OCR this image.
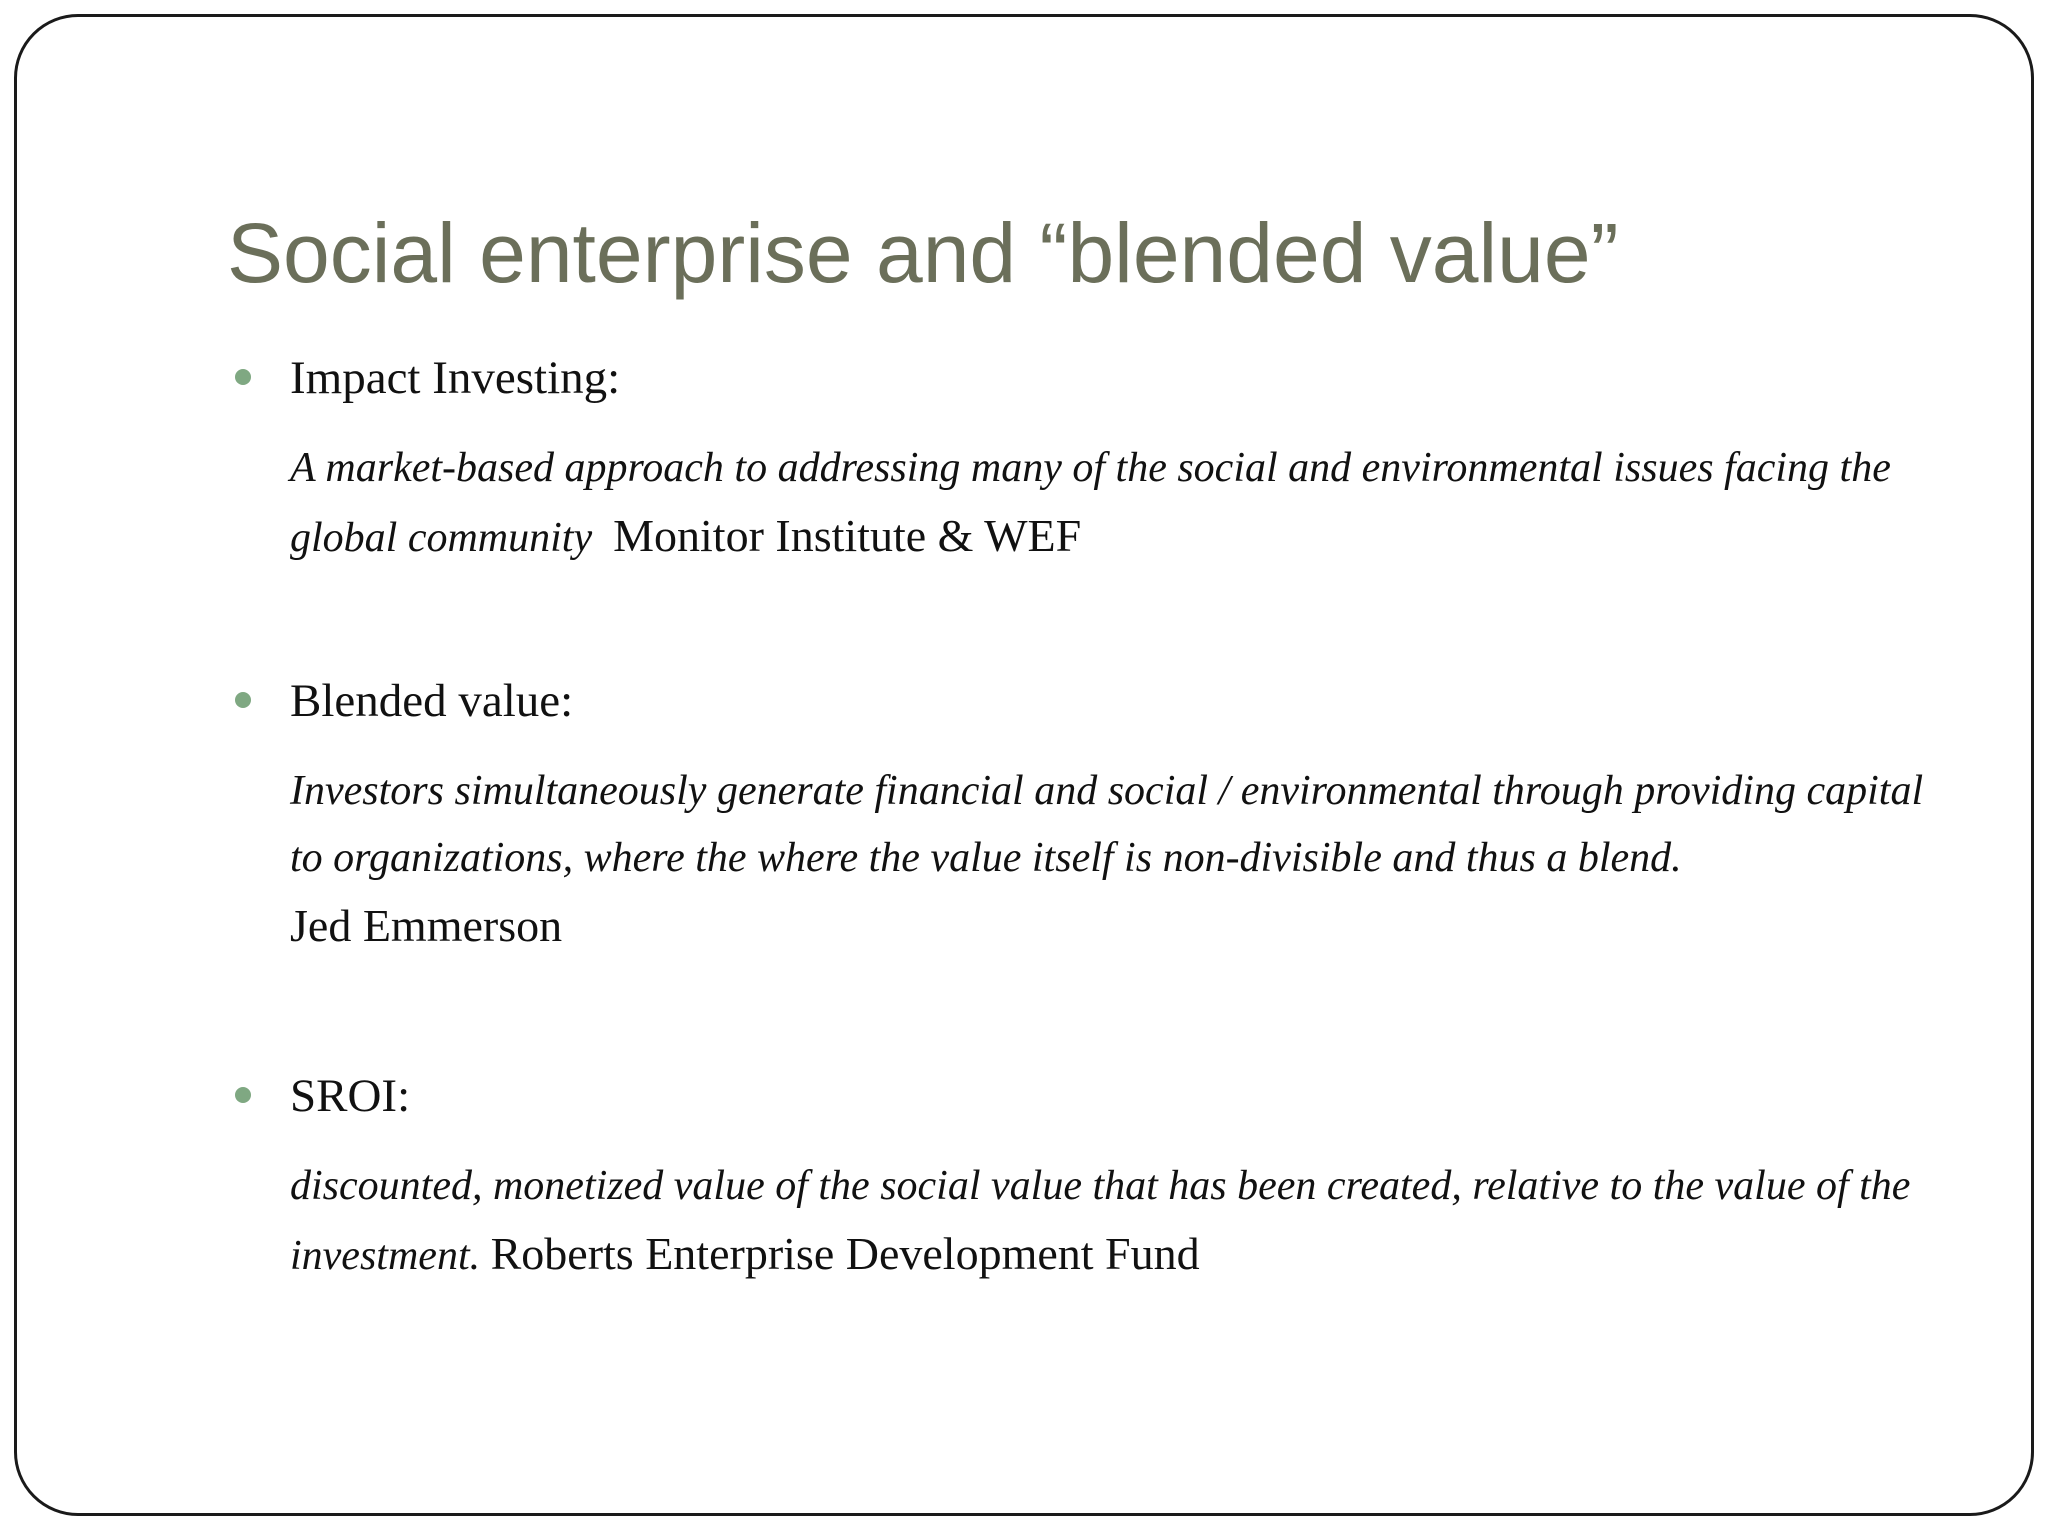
Social enterprise and “blended value”
Impact Investing:

A market-based approach to addressing many of the social and environmental issues facing the global community Monitor Institute & WEF

Blended value:

Investors simultaneously generate financial and social / environmental through providing capital to organizations, where the where the value itself is non-divisible and thus a blend.
Jed Emmerson

SROI:

discounted, monetized value of the social value that has been created, relative to the value of the investment. Roberts Enterprise Development Fund
